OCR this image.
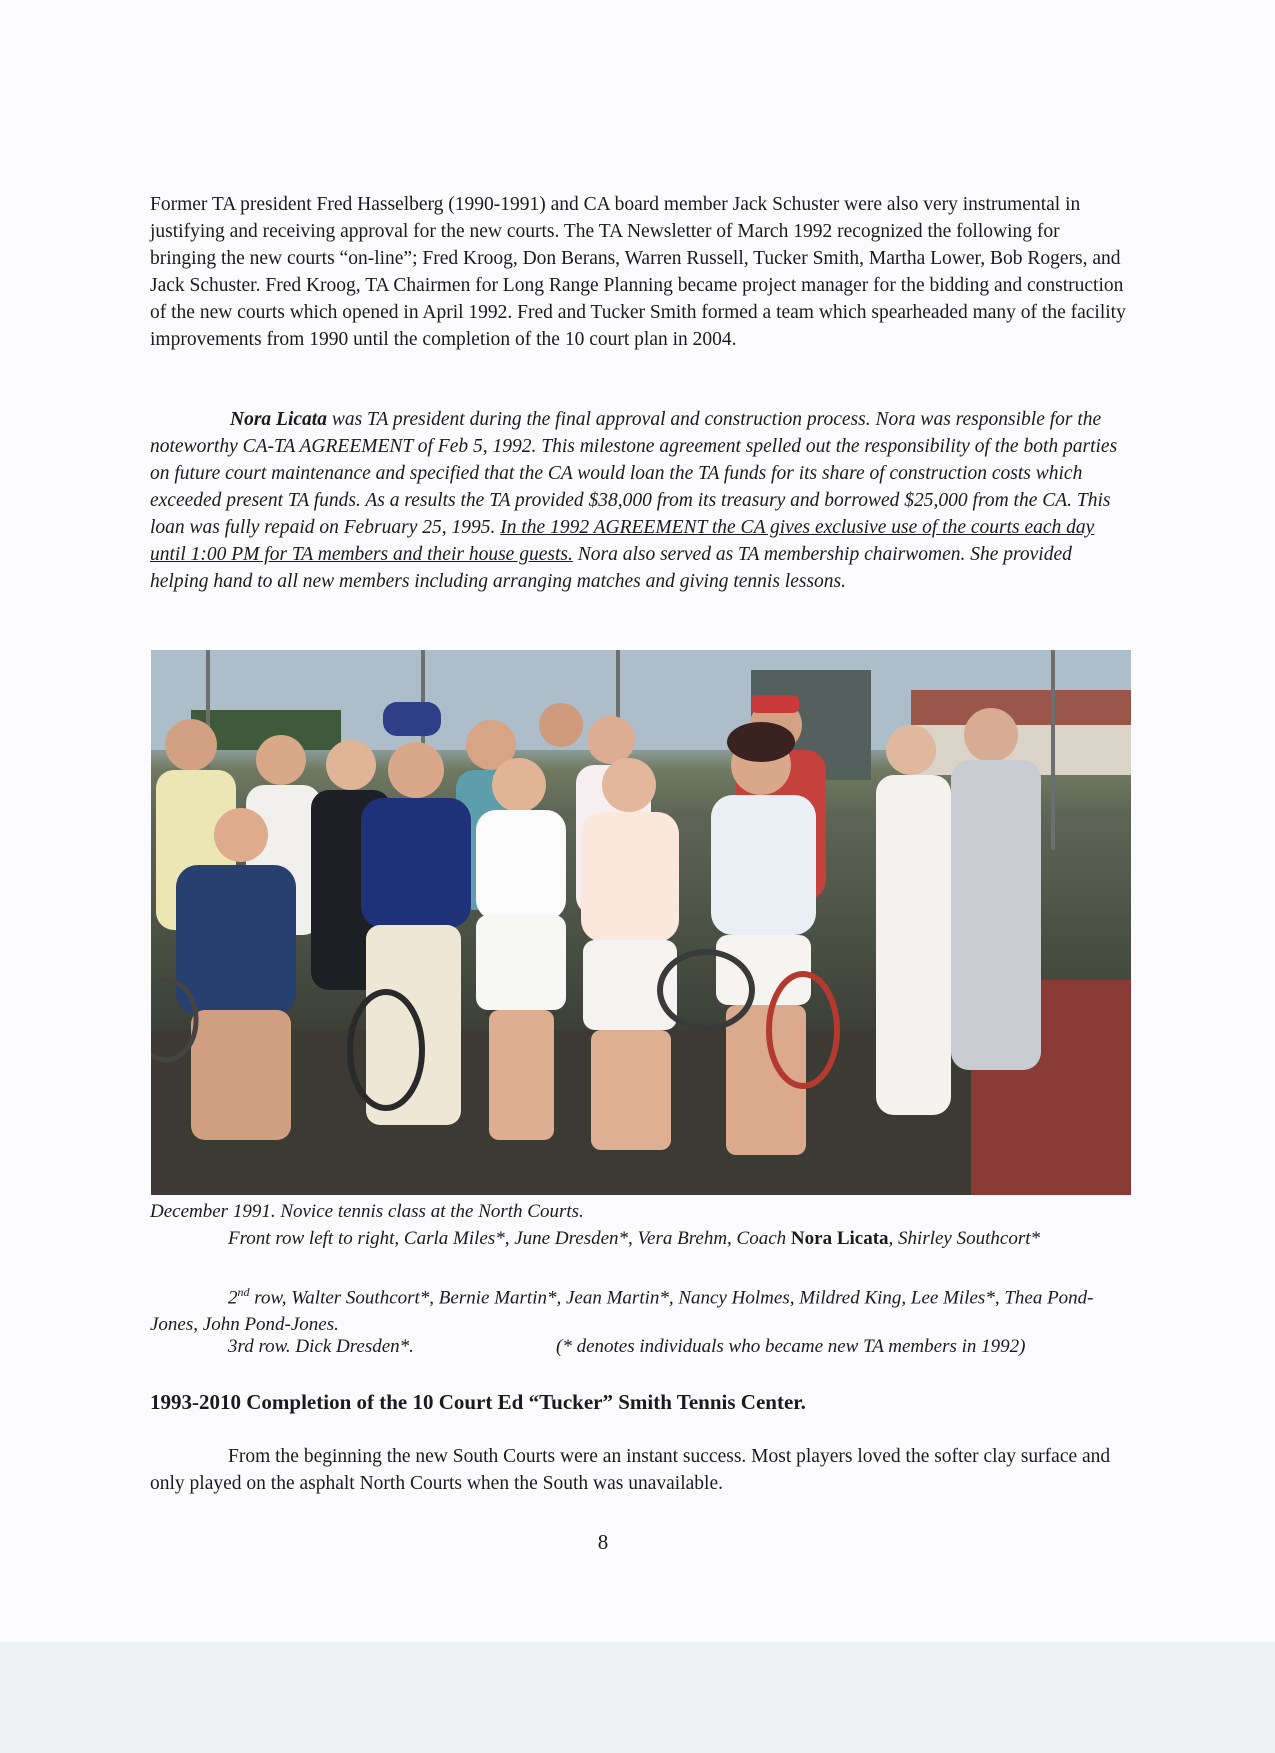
Former TA president Fred Hasselberg (1990-1991) and CA board member Jack Schuster were also very instrumental in justifying and receiving approval for the new courts. The TA Newsletter of March 1992 recognized the following for bringing the new courts “on-line”; Fred Kroog, Don Berans, Warren Russell, Tucker Smith, Martha Lower, Bob Rogers, and Jack Schuster. Fred Kroog, TA Chairmen for Long Range Planning became project manager for the bidding and construction of the new courts which opened in April 1992. Fred and Tucker Smith formed a team which spearheaded many of the facility improvements from 1990 until the completion of the 10 court plan in 2004.

Nora Licata was TA president during the final approval and construction process. Nora was responsible for the noteworthy CA-TA AGREEMENT of Feb 5, 1992. This milestone agreement spelled out the responsibility of the both parties on future court maintenance and specified that the CA would loan the TA funds for its share of construction costs which exceeded present TA funds. As a results the TA provided $38,000 from its treasury and borrowed $25,000 from the CA. This loan was fully repaid on February 25, 1995. In the 1992 AGREEMENT the CA gives exclusive use of the courts each day until 1:00 PM for TA members and their house guests. Nora also served as TA membership chairwomen. She provided helping hand to all new members including arranging matches and giving tennis lessons.

December 1991. Novice tennis class at the North Courts.

Front row left to right, Carla Miles*, June Dresden*, Vera Brehm, Coach Nora Licata, Shirley Southcort*

2nd row, Walter Southcort*, Bernie Martin*, Jean Martin*, Nancy Holmes, Mildred King, Lee Miles*, Thea Pond-Jones, John Pond-Jones.

3rd row. Dick Dresden*.	(* denotes individuals who became new TA members in 1992)

1993-2010 Completion of the 10 Court Ed “Tucker” Smith Tennis Center.

From the beginning the new South Courts were an instant success. Most players loved the softer clay surface and only played on the asphalt North Courts when the South was unavailable.

8
